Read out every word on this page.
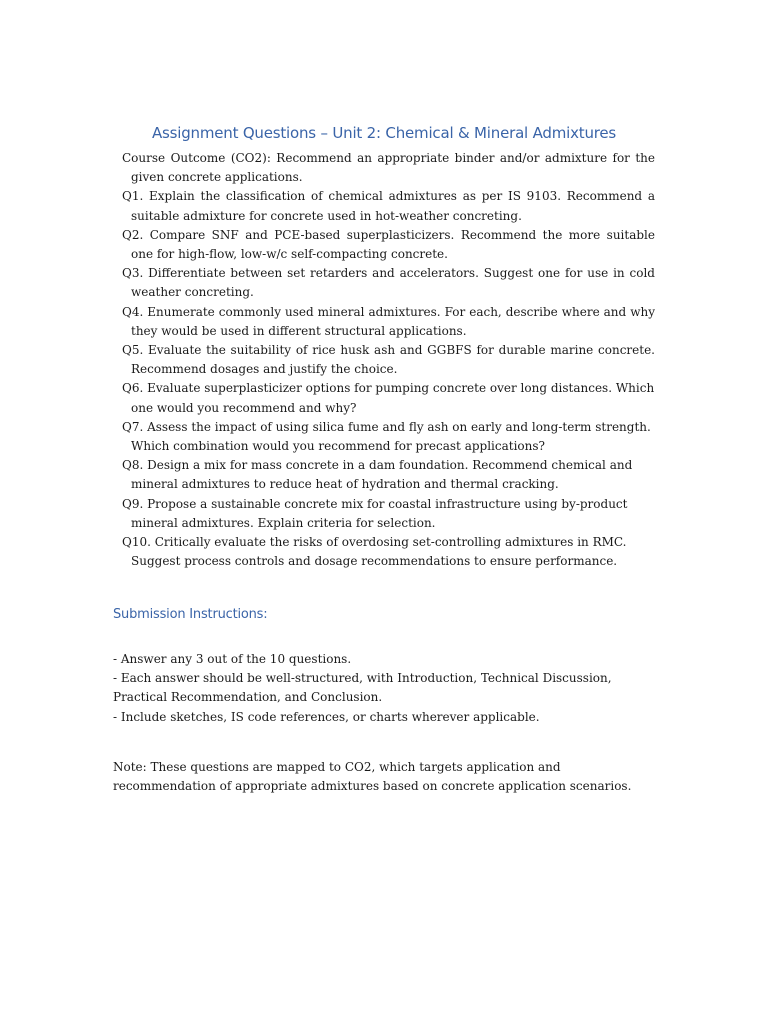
Assignment Questions – Unit 2: Chemical & Mineral Admixtures

Course Outcome (CO2): Recommend an appropriate binder and/or admixture for the given concrete applications.

Q1. Explain the classification of chemical admixtures as per IS 9103. Recommend a suitable admixture for concrete used in hot-weather concreting.

Q2. Compare SNF and PCE-based superplasticizers. Recommend the more suitable one for high-flow, low-w/c self-compacting concrete.

Q3. Differentiate between set retarders and accelerators. Suggest one for use in cold weather concreting.

Q4. Enumerate commonly used mineral admixtures. For each, describe where and why they would be used in different structural applications.

Q5. Evaluate the suitability of rice husk ash and GGBFS for durable marine concrete. Recommend dosages and justify the choice.

Q6. Evaluate superplasticizer options for pumping concrete over long distances. Which one would you recommend and why?

Q7. Assess the impact of using silica fume and fly ash on early and long-term strength. Which combination would you recommend for precast applications?

Q8. Design a mix for mass concrete in a dam foundation. Recommend chemical and mineral admixtures to reduce heat of hydration and thermal cracking.

Q9. Propose a sustainable concrete mix for coastal infrastructure using by-product mineral admixtures. Explain criteria for selection.

Q10. Critically evaluate the risks of overdosing set-controlling admixtures in RMC. Suggest process controls and dosage recommendations to ensure performance.

Submission Instructions:

- Answer any 3 out of the 10 questions.

- Each answer should be well-structured, with Introduction, Technical Discussion, Practical Recommendation, and Conclusion.

- Include sketches, IS code references, or charts wherever applicable.

Note: These questions are mapped to CO2, which targets application and recommendation of appropriate admixtures based on concrete application scenarios.
